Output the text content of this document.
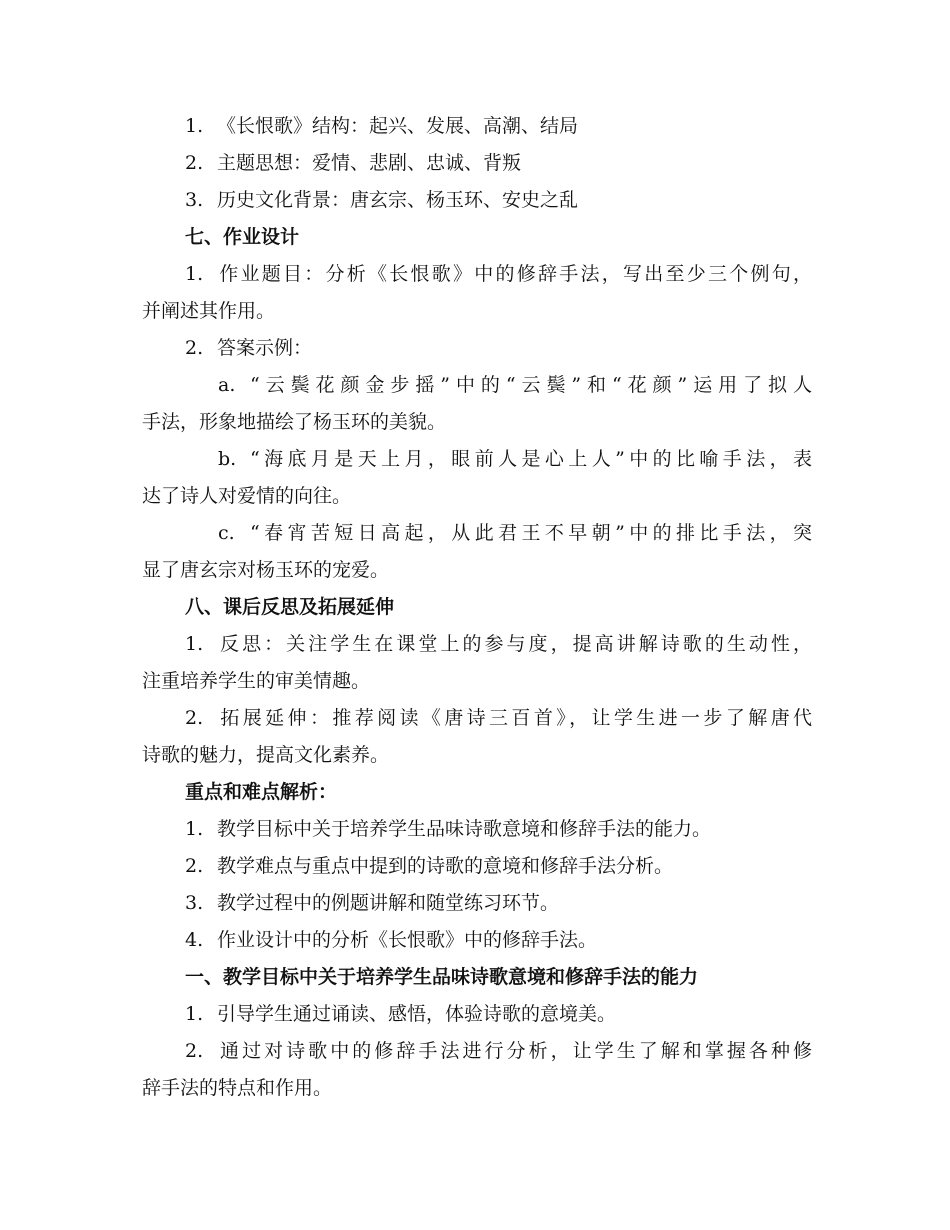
1. 《长恨歌》结构：起兴、发展、高潮、结局
2. 主题思想：爱情、悲剧、忠诚、背叛
3. 历史文化背景：唐玄宗、杨玉环、安史之乱
七、作业设计
1. 作业题目：分析《长恨歌》中的修辞手法，写出至少三个例句，
并阐述其作用。
2. 答案示例：
a. “云鬓花颜金步摇”中的“云鬓”和“花颜”运用了拟人
手法，形象地描绘了杨玉环的美貌。
b. “海底月是天上月，眼前人是心上人”中的比喻手法，表
达了诗人对爱情的向往。
c. “春宵苦短日高起，从此君王不早朝”中的排比手法，突
显了唐玄宗对杨玉环的宠爱。
八、课后反思及拓展延伸
1. 反思：关注学生在课堂上的参与度，提高讲解诗歌的生动性，
注重培养学生的审美情趣。
2. 拓展延伸：推荐阅读《唐诗三百首》，让学生进一步了解唐代
诗歌的魅力，提高文化素养。
重点和难点解析：
1. 教学目标中关于培养学生品味诗歌意境和修辞手法的能力。
2. 教学难点与重点中提到的诗歌的意境和修辞手法分析。
3. 教学过程中的例题讲解和随堂练习环节。
4. 作业设计中的分析《长恨歌》中的修辞手法。
一、教学目标中关于培养学生品味诗歌意境和修辞手法的能力
1. 引导学生通过诵读、感悟，体验诗歌的意境美。
2. 通过对诗歌中的修辞手法进行分析，让学生了解和掌握各种修
辞手法的特点和作用。
